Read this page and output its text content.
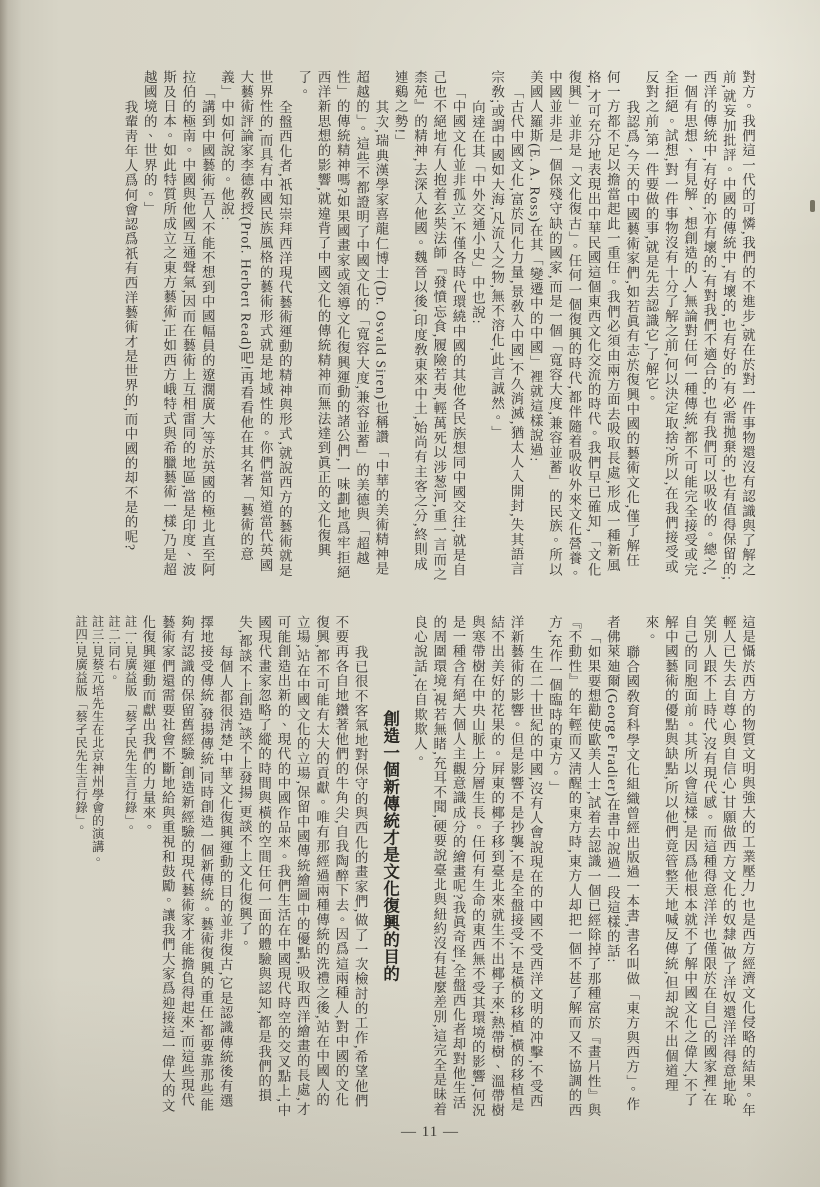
對方。我們這一代的可憐,我們的不進步,就在於對一件事物還沒有認識與了解之前,就妄加批評。中國的傳統中,有壞的,也有好的,有必需拋棄的,也有值得保留的;西洋的傳統中,有好的,亦有壞的,有對我們不適合的,也有我們可以吸收的。總之,一個有思想、有見解、想創造的人,無論對任何一種傳統,都不可能完全接受或完全拒絕。試想,對一件事物沒有十分了解之前,何以決定取捨?所以,在我們接受或反對之前,第一件要做的事,就是先去認識它,了解它。

我認爲,今天的中國藝術家們,如若眞有志於復興中國的藝術文化,僅了解任何一方都不足以擔當起此一重任。我們必須由兩方面去吸取長處,形成一種新風格,才可充分地表現出中華民國這個東西文化交流的時代。我們早已確知,「文化復興」並非是「文化復古」。任何一個復興的時代,都伴隨着吸收外來文化營養。中國並非是一個保殘守缺的國家,而是一個「寬容大度,兼容並蓄」的民族。所以美國人羅斯(E. A. Ross)在其「變遷中的中國」裡就這樣說過:

「古代中國文化,富於同化力量,景敎入中國,不久消滅,猶太人入開封,失其語言宗敎;或謂中國如大海,凡流入之物,無不溶化,此言誠然。」

向達在其「中外交通小史」中也說:

「中國文化並非孤立,不僅各時代環繞中國的其他各民族想同中國交往,就是自己也不絕地有人抱着玄奘法師『發憤忘食,履險若夷,輕萬死以涉葱河,重一言而之柰苑』的精神,去深入他國。魏晉以後,印度敎東來中土,始尚有主客之分,終則成連鷄之勢!」

其次,瑞典漢學家喜龍仁博士(Dr. Osvald Siren)也稱讚「中華的美術精神是超越的」。這些不都證明了中國文化的「寬容大度,兼容並蓄」的美德與「超越性」的傳統精神嗎?如果國畫家或領導文化復興運動的諸公們,一味劃地爲牢拒絕西洋新思想的影響,就違背了中國文化的傳統精神而無法達到眞正的文化復興了。

全盤西化者,祇知崇拜西洋現代藝術運動的精神與形式,就說西方的藝術就是世界性的,而具有中國民族風格的藝術形式就是地域性的。你們當知道當代英國大藝術評論家李德敎授(Prof. Herbert Read)吧!再看看他在其名著「藝術的意義」中如何說的。他說:

「講到中國藝術,吾人不能不想到中國幅員的遼濶廣大,等於英國的極北直至阿拉伯的極南。中國與他國互通聲氣,因而在藝術上互相雷同的地區,當是印度、波斯及日本。如此特質所成立之東方藝術,正如西方峨特式與希臘藝術一樣,乃是超越國境的、世界的。」

我輩靑年人爲何會認爲祇有西洋藝術才是世界的,而中國的却不是的呢?

這是懾於西方的物質文明與強大的工業壓力,也是西方經濟文化侵略的結果。年輕人已失去自尊心與自信心,甘願做西方文化的奴隸,做了洋奴還洋洋得意地恥笑別人跟不上時代,沒有現代感。而這種得意洋洋也僅限於在自己的國家裡,在自己的同胞面前。其所以會這樣,是因爲他根本就不了解中國文化之偉大,不了解中國藝術的優點與缺點,所以他們竟管整天地喊反傳統,但却說不出個道理來。

聯合國敎育科學文化組織曾經出版過一本書,書名叫做「東方與西方」。作者佛萊廸爾(George Fradier)在書中說過一段這樣的話:

「如果要想勸使歐美人士,試着去認識一個已經除掉了那種富於『畫片性』與『不動性』的年輕而又淸醒的東方時,東方人却把一個不甚了解而又不協調的西方,充作一個臨時的東方。」

生在二十世紀的中國,沒有人會說現在的中國不受西洋文明的冲擊,不受西洋新藝術的影響。但是影響不是抄襲,不是全盤接受,不是橫的移植,橫的移植是結不出美好的花果的。屛東的椰子移到臺北來就生不出椰子來;熱帶樹、溫帶樹與寒帶樹在中央山脈上分層生長。任何有生命的東西無不受其環境的影響,何況是一種含有絕大個人主觀意識成分的繪畫呢?我眞奇怪,全盤西化者却對他生活的周圍環境,視若無睹,充耳不聞,硬要說臺北與紐約沒有甚麼差別,這完全是昧着良心說話,在自欺欺人。

創造一個新傳統才是文化復興的目的

我已很不客氣地對保守的與西化的畫家們,做了一次檢討的工作,希望他們不要再各自地鑽著他們的牛角尖,自我陶醉下去。因爲這兩種人,對中國的文化復興,都不可能有太大的貢獻。唯有那經過兩種傳統的洗禮之後,站在中國人的立場,站在中國文化的立場,保留中國傳統繪圖中的優點,吸取西洋繪畫的長處,才可能創造出新的、現代的中國作品來。我們生活在中國現代時空的交叉點上,中國現代畫家忽略了縱的時間與橫的空間任何一面的體驗與認知,都是我們的損失,都談不上創造,談不上發揚,更談不上文化復興了。

每個人都很淸楚,中華文化復興運動的目的並非復古,它是認識傳統後有選擇地接受傳統,發揚傳統,同時創造一個新傳統。藝術復興的重任,都要靠那些能夠有認識的保留舊經驗,創造新經驗的現代藝術家才能擔負得起來,而這些現代藝術家們還需要社會不斷地給與重視和鼓勵。讓我們大家爲迎接這一偉大的文化復興運動而獻出我們的力量來。

註一:見廣益版「蔡孑民先生言行錄」。

註二:同右。

註三:見蔡元培先生在北京神州學會的演講。

註四:見廣益版「蔡孑民先生言行錄」。

— 11 —
